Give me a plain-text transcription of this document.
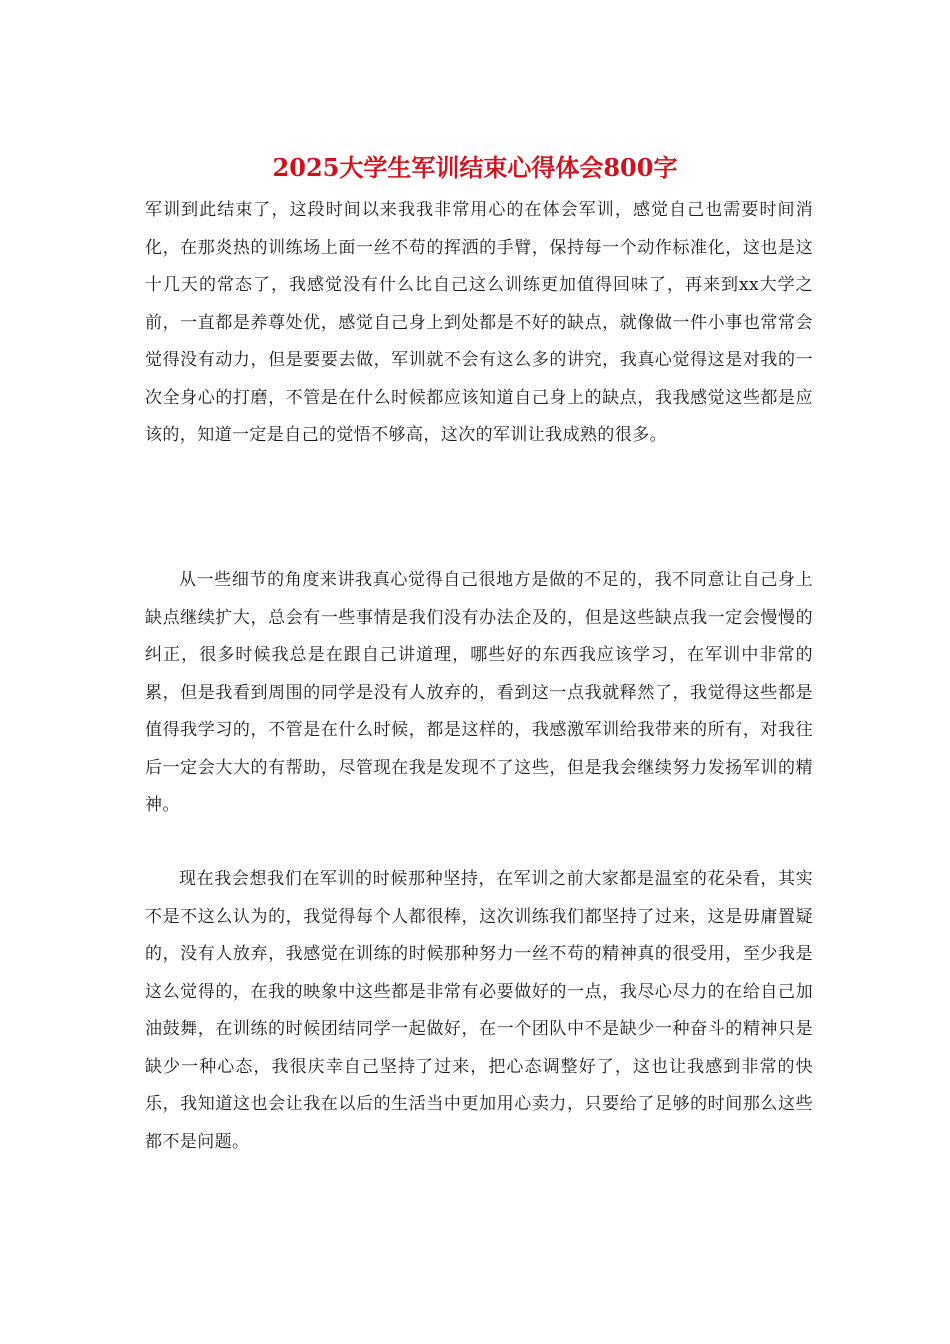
2025大学生军训结束心得体会800字

军训到此结束了，这段时间以来我我非常用心的在体会军训，感觉自己也需要时间消化，在那炎热的训练场上面一丝不苟的挥洒的手臂，保持每一个动作标准化，这也是这十几天的常态了，我感觉没有什么比自己这么训练更加值得回味了，再来到xx大学之前，一直都是养尊处优，感觉自己身上到处都是不好的缺点，就像做一件小事也常常会觉得没有动力，但是要要去做，军训就不会有这么多的讲究，我真心觉得这是对我的一次全身心的打磨，不管是在什么时候都应该知道自己身上的缺点，我我感觉这些都是应该的，知道一定是自己的觉悟不够高，这次的军训让我成熟的很多。

从一些细节的角度来讲我真心觉得自己很地方是做的不足的，我不同意让自己身上缺点继续扩大，总会有一些事情是我们没有办法企及的，但是这些缺点我一定会慢慢的纠正，很多时候我总是在跟自己讲道理，哪些好的东西我应该学习，在军训中非常的累，但是我看到周围的同学是没有人放弃的，看到这一点我就释然了，我觉得这些都是值得我学习的，不管是在什么时候，都是这样的，我感激军训给我带来的所有，对我往后一定会大大的有帮助，尽管现在我是发现不了这些，但是我会继续努力发扬军训的精神。

现在我会想我们在军训的时候那种坚持，在军训之前大家都是温室的花朵看，其实不是不这么认为的，我觉得每个人都很棒，这次训练我们都坚持了过来，这是毋庸置疑的，没有人放弃，我感觉在训练的时候那种努力一丝不苟的精神真的很受用，至少我是这么觉得的，在我的映象中这些都是非常有必要做好的一点，我尽心尽力的在给自己加油鼓舞，在训练的时候团结同学一起做好，在一个团队中不是缺少一种奋斗的精神只是缺少一种心态，我很庆幸自己坚持了过来，把心态调整好了，这也让我感到非常的快乐，我知道这也会让我在以后的生活当中更加用心卖力，只要给了足够的时间那么这些都不是问题。
